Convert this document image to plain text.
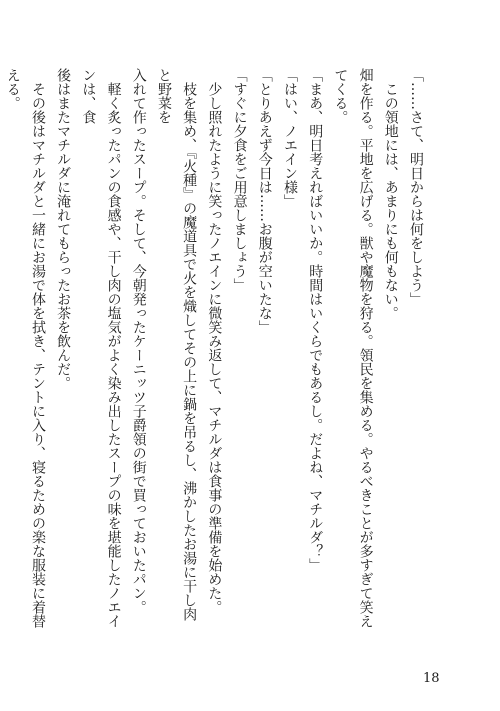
「……さて、明日からは何をしよう」
この領地には、あまりにも何もない。
畑を作る。平地を広げる。獣や魔物を狩る。領民を集める。やるべきことが多すぎて笑えてくる。
「まあ、明日考えればいいか。時間はいくらでもあるし。だよね、マチルダ？」
「はい、ノエイン様」
「とりあえず今日は……お腹が空いたな」
「すぐに夕食をご用意しましょう」
少し照れたように笑ったノエインに微笑み返して、マチルダは食事の準備を始めた。
枝を集め、『火種』の魔道具で火を熾してその上に鍋を吊るし、沸かしたお湯に干し肉と野菜を
入れて作ったスープ。そして、今朝発ったケーニッツ子爵領の街で買っておいたパン。
軽く炙ったパンの食感や、干し肉の塩気がよく染み出したスープの味を堪能したノエインは、食
後はまたマチルダに淹れてもらったお茶を飲んだ。
その後はマチルダと一緒にお湯で体を拭き、テントに入り、寝るための楽な服装に着替える。
18
